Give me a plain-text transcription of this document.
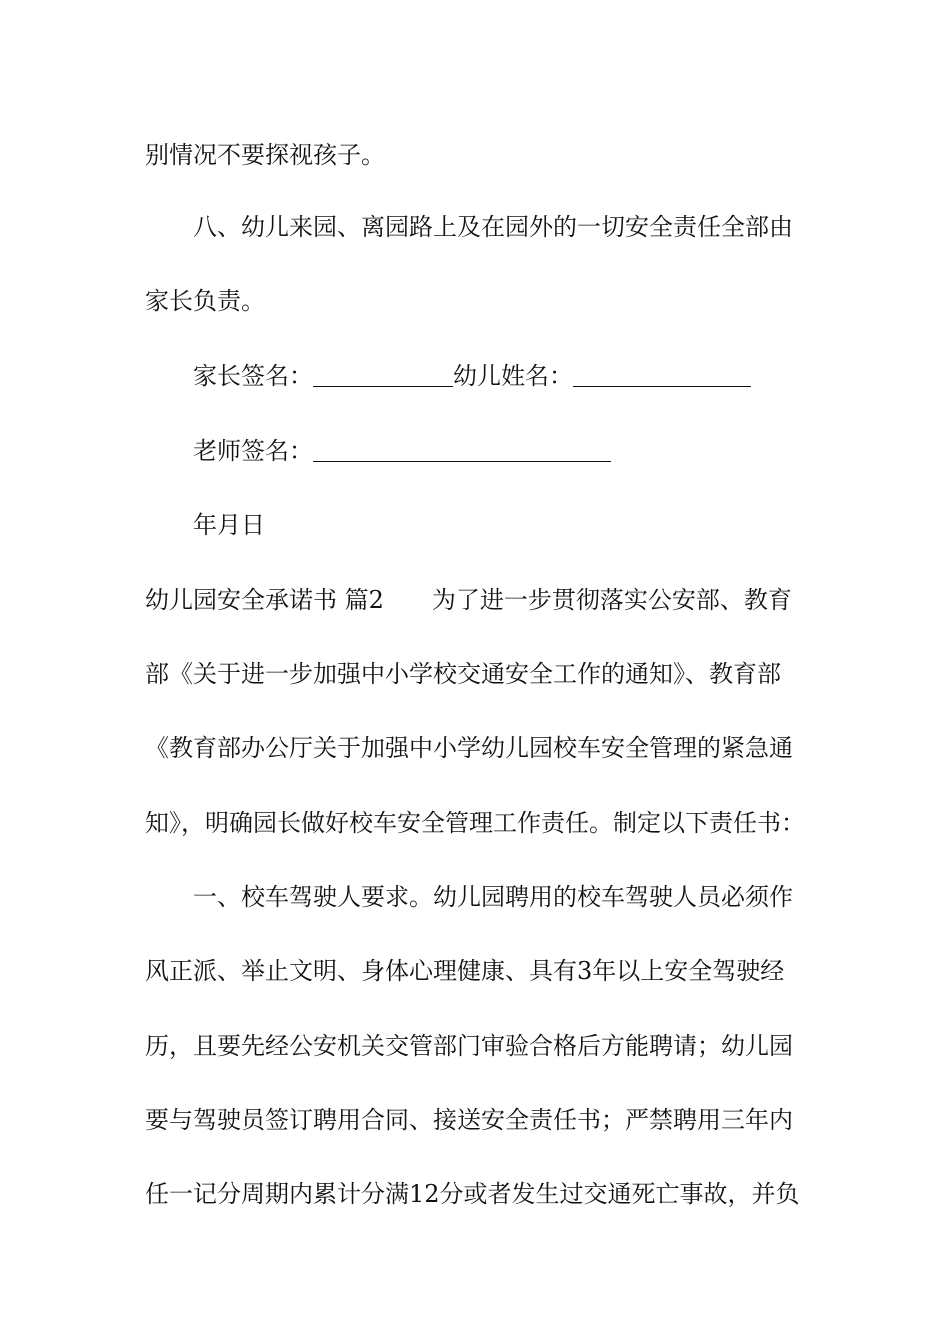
别情况不要探视孩子。
八、幼儿来园、离园路上及在园外的一切安全责任全部由
家长负责。
家长签名：	幼儿姓名：
老师签名：
年月日
幼儿园安全承诺书 篇2 为了进一步贯彻落实公安部、教育
部《关于进一步加强中小学校交通安全工作的通知》、教育部
《教育部办公厅关于加强中小学幼儿园校车安全管理的紧急通
知》，明确园长做好校车安全管理工作责任。制定以下责任书：
一、校车驾驶人要求。幼儿园聘用的校车驾驶人员必须作
风正派、举止文明、身体心理健康、具有3年以上安全驾驶经
历，且要先经公安机关交管部门审验合格后方能聘请；幼儿园
要与驾驶员签订聘用合同、接送安全责任书；严禁聘用三年内
任一记分周期内累计分满12分或者发生过交通死亡事故，并负
